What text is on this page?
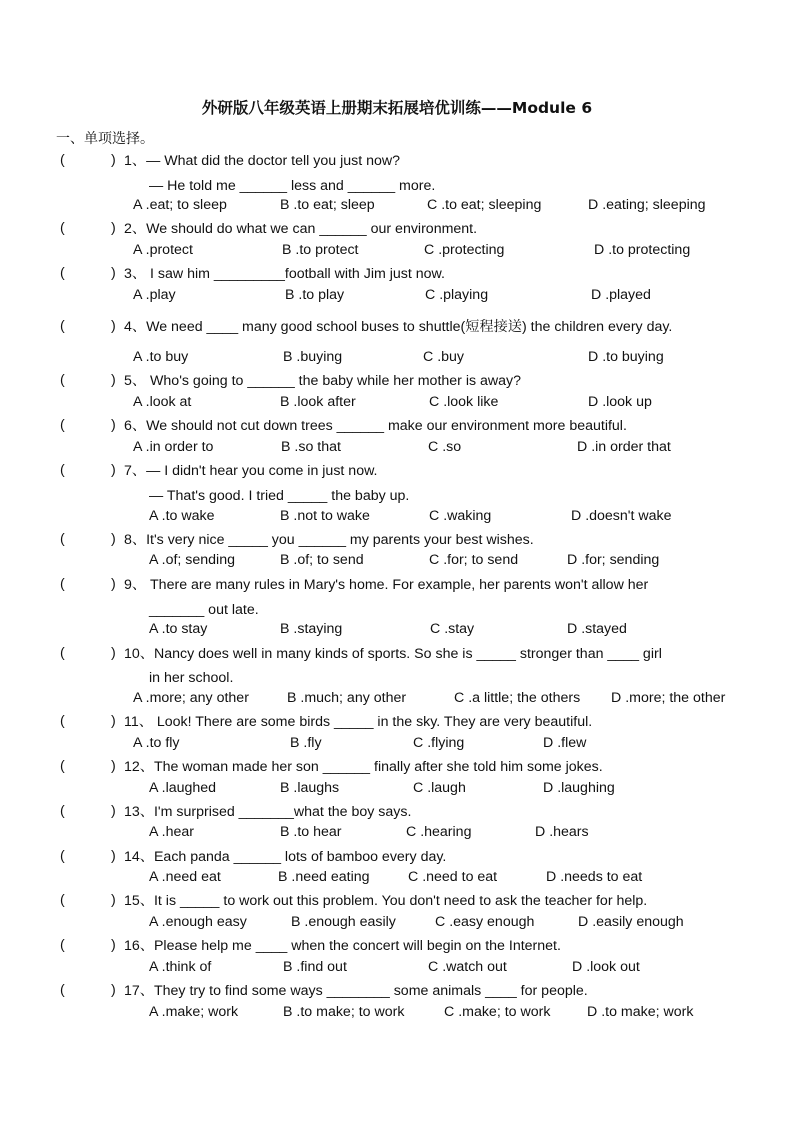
外研版八年级英语上册期末拓展培优训练——Module 6
一、单项选择。
(	) 1、— What did the doctor tell you just now?
— He told me ______ less and ______ more.
A .eat; to sleep	B .to eat; sleep	C .to eat; sleeping	D .eating; sleeping
(	) 2、We should do what we can ______ our environment.
A .protect	B .to protect	C .protecting	D .to protecting
(	) 3、 I saw him _________football with Jim just now.
A .play	B .to play	C .playing	D .played
(	) 4、We need ____ many good school buses to shuttle(短程接送) the children every day.
A .to buy	B .buying	C .buy	D .to buying
(	) 5、 Who's going to ______ the baby while her mother is away?
A .look at	B .look after	C .look like	D .look up
(	) 6、We should not cut down trees ______ make our environment more beautiful.
A .in order to	B .so that	C .so	D .in order that
(	) 7、— I didn't hear you come in just now.
— That's good. I tried _____ the baby up.
A .to wake	B .not to wake	C .waking	D .doesn't wake
(	) 8、It's very nice _____ you ______ my parents your best wishes.
A .of; sending	B .of; to send	C .for; to send	D .for; sending
(	) 9、 There are many rules in Mary's home. For example, her parents won't allow her
_______ out late.
A .to stay	B .staying	C .stay	D .stayed
(	) 10、Nancy does well in many kinds of sports. So she is _____ stronger than ____ girl
in her school.
A .more; any other	B .much; any other	C .a little; the others D .more; the other
(	) 11、 Look! There are some birds _____ in the sky. They are very beautiful.
A .to fly	B .fly	C .flying	D .flew
(	) 12、The woman made her son ______ finally after she told him some jokes.
A .laughed	B .laughs	C .laugh	D .laughing
(	) 13、I'm surprised _______what the boy says.
A .hear	B .to hear	C .hearing	D .hears
(	) 14、Each panda ______ lots of bamboo every day.
A .need eat	B .need eating	C .need to eat	D .needs to eat
(	) 15、It is _____ to work out this problem. You don't need to ask the teacher for help.
A .enough easy	B .enough easily	C .easy enough	D .easily enough
(	) 16、Please help me ____ when the concert will begin on the Internet.
A .think of	B .find out	C .watch out	D .look out
(	) 17、They try to find some ways ________ some animals ____ for people.
A .make; work	B .to make; to work	C .make; to work	D .to make; work
